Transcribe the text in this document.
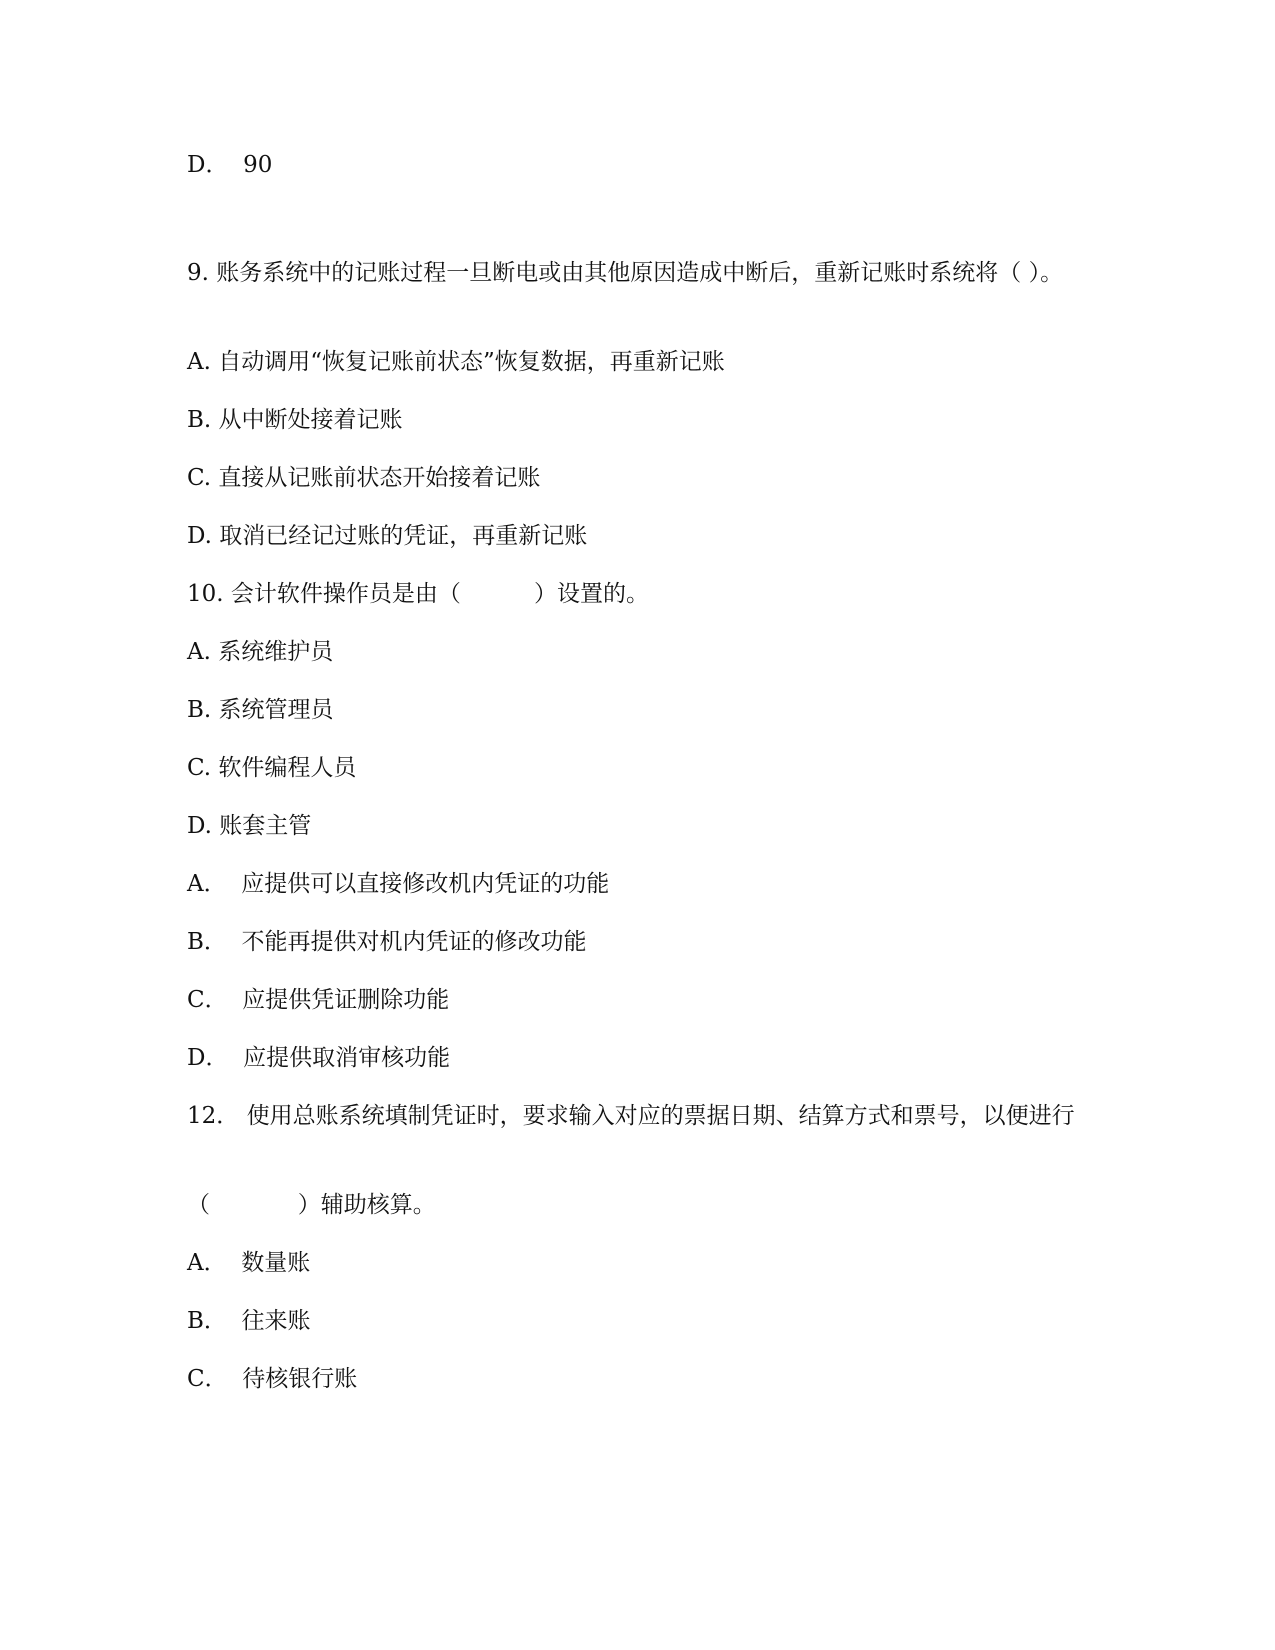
D．  90
9. 账务系统中的记账过程一旦断电或由其他原因造成中断后，重新记账时系统将（ ）。
A. 自动调用“恢复记账前状态”恢复数据，再重新记账
B. 从中断处接着记账
C. 直接从记账前状态开始接着记账
D. 取消已经记过账的凭证，再重新记账
10. 会计软件操作员是由（          ）设置的。
A. 系统维护员
B. 系统管理员
C. 软件编程人员
D. 账套主管
A．  应提供可以直接修改机内凭证的功能
B．  不能再提供对机内凭证的修改功能
C．  应提供凭证删除功能
D．  应提供取消审核功能
12． 使用总账系统填制凭证时，要求输入对应的票据日期、结算方式和票号，以便进行
（            ）辅助核算。
A．  数量账
B．  往来账
C．  待核银行账
